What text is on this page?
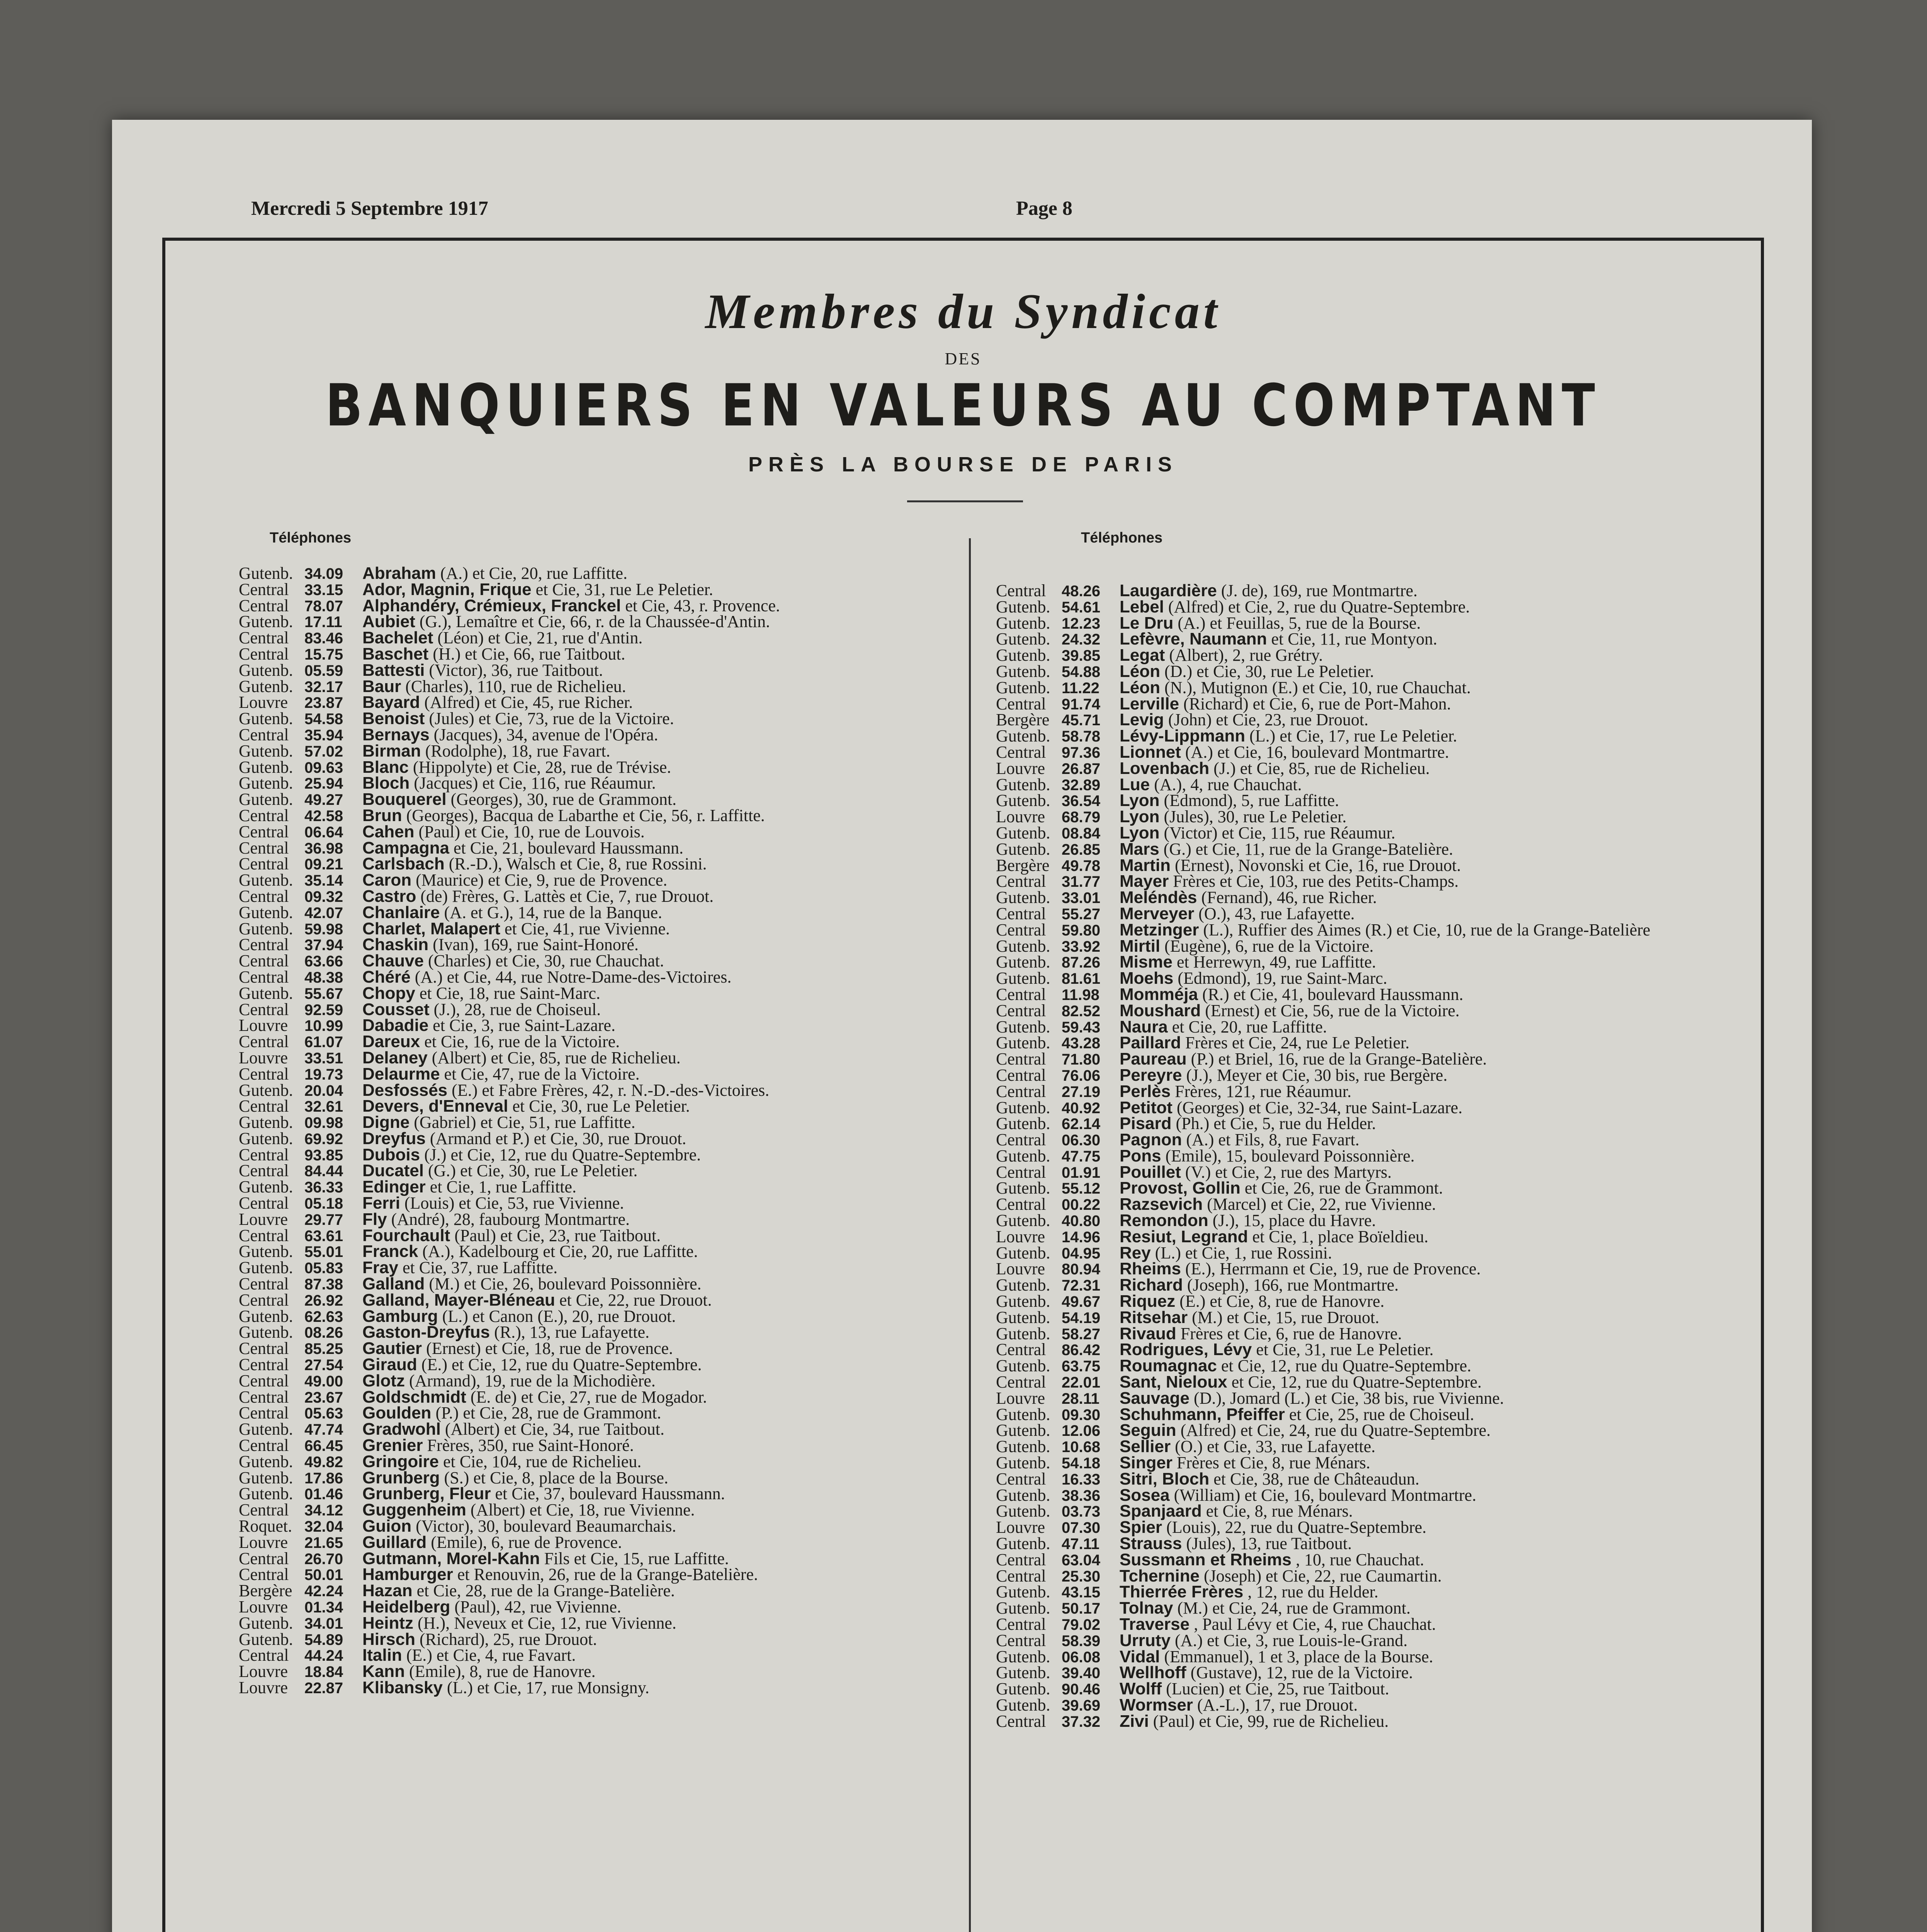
Mercredi 5 Septembre 1917	Page 8
Membres du Syndicat
DES
BANQUIERS EN VALEURS AU COMPTANT
PRÈS LA BOURSE DE PARIS
Téléphones	Téléphones
Gutenb. 34.09 Abraham (A.) et Cie, 20, rue Laffitte.
Central 33.15 Ador, Magnin, Frique et Cie, 31, rue Le Peletier.
Central 78.07 Alphandéry, Crémieux, Franckel et Cie, 43, r. Provence.
Gutenb. 17.11 Aubiet (G.), Lemaître et Cie, 66, r. de la Chaussée-d'Antin.
Central 83.46 Bachelet (Léon) et Cie, 21, rue d'Antin.
Central 15.75 Baschet (H.) et Cie, 66, rue Taitbout.
Gutenb. 05.59 Battesti (Victor), 36, rue Taitbout.
Gutenb. 32.17 Baur (Charles), 110, rue de Richelieu.
Louvre 23.87 Bayard (Alfred) et Cie, 45, rue Richer.
Gutenb. 54.58 Benoist (Jules) et Cie, 73, rue de la Victoire.
Central 35.94 Bernays (Jacques), 34, avenue de l'Opéra.
Gutenb. 57.02 Birman (Rodolphe), 18, rue Favart.
Gutenb. 09.63 Blanc (Hippolyte) et Cie, 28, rue de Trévise.
Gutenb. 25.94 Bloch (Jacques) et Cie, 116, rue Réaumur.
Gutenb. 49.27 Bouquerel (Georges), 30, rue de Grammont.
Central 42.58 Brun (Georges), Bacqua de Labarthe et Cie, 56, r. Laffitte.
Central 06.64 Cahen (Paul) et Cie, 10, rue de Louvois.
Central 36.98 Campagna et Cie, 21, boulevard Haussmann.
Central 09.21 Carlsbach (R.-D.), Walsch et Cie, 8, rue Rossini.
Gutenb. 35.14 Caron (Maurice) et Cie, 9, rue de Provence.
Central 09.32 Castro (de) Frères, G. Lattès et Cie, 7, rue Drouot.
Gutenb. 42.07 Chanlaire (A. et G.), 14, rue de la Banque.
Gutenb. 59.98 Charlet, Malapert et Cie, 41, rue Vivienne.
Central 37.94 Chaskin (Ivan), 169, rue Saint-Honoré.
Central 63.66 Chauve (Charles) et Cie, 30, rue Chauchat.
Central 48.38 Chéré (A.) et Cie, 44, rue Notre-Dame-des-Victoires.
Gutenb. 55.67 Chopy et Cie, 18, rue Saint-Marc.
Central 92.59 Cousset (J.), 28, rue de Choiseul.
Louvre 10.99 Dabadie et Cie, 3, rue Saint-Lazare.
Central 61.07 Dareux et Cie, 16, rue de la Victoire.
Louvre 33.51 Delaney (Albert) et Cie, 85, rue de Richelieu.
Central 19.73 Delaurme et Cie, 47, rue de la Victoire.
Gutenb. 20.04 Desfossés (E.) et Fabre Frères, 42, r. N.-D.-des-Victoires.
Central 32.61 Devers, d'Enneval et Cie, 30, rue Le Peletier.
Gutenb. 09.98 Digne (Gabriel) et Cie, 51, rue Laffitte.
Gutenb. 69.92 Dreyfus (Armand et P.) et Cie, 30, rue Drouot.
Central 93.85 Dubois (J.) et Cie, 12, rue du Quatre-Septembre.
Central 84.44 Ducatel (G.) et Cie, 30, rue Le Peletier.
Gutenb. 36.33 Edinger et Cie, 1, rue Laffitte.
Central 05.18 Ferri (Louis) et Cie, 53, rue Vivienne.
Louvre 29.77 Fly (André), 28, faubourg Montmartre.
Central 63.61 Fourchault (Paul) et Cie, 23, rue Taitbout.
Gutenb. 55.01 Franck (A.), Kadelbourg et Cie, 20, rue Laffitte.
Gutenb. 05.83 Fray et Cie, 37, rue Laffitte.
Central 87.38 Galland (M.) et Cie, 26, boulevard Poissonnière.
Central 26.92 Galland, Mayer-Bléneau et Cie, 22, rue Drouot.
Gutenb. 62.63 Gamburg (L.) et Canon (E.), 20, rue Drouot.
Gutenb. 08.26 Gaston-Dreyfus (R.), 13, rue Lafayette.
Central 85.25 Gautier (Ernest) et Cie, 18, rue de Provence.
Central 27.54 Giraud (E.) et Cie, 12, rue du Quatre-Septembre.
Central 49.00 Glotz (Armand), 19, rue de la Michodière.
Central 23.67 Goldschmidt (E. de) et Cie, 27, rue de Mogador.
Central 05.63 Goulden (P.) et Cie, 28, rue de Grammont.
Gutenb. 47.74 Gradwohl (Albert) et Cie, 34, rue Taitbout.
Central 66.45 Grenier Frères, 350, rue Saint-Honoré.
Gutenb. 49.82 Gringoire et Cie, 104, rue de Richelieu.
Gutenb. 17.86 Grunberg (S.) et Cie, 8, place de la Bourse.
Gutenb. 01.46 Grunberg, Fleur et Cie, 37, boulevard Haussmann.
Central 34.12 Guggenheim (Albert) et Cie, 18, rue Vivienne.
Roquet. 32.04 Guion (Victor), 30, boulevard Beaumarchais.
Louvre 21.65 Guillard (Emile), 6, rue de Provence.
Central 26.70 Gutmann, Morel-Kahn Fils et Cie, 15, rue Laffitte.
Central 50.01 Hamburger et Renouvin, 26, rue de la Grange-Batelière.
Bergère 42.24 Hazan et Cie, 28, rue de la Grange-Batelière.
Louvre 01.34 Heidelberg (Paul), 42, rue Vivienne.
Gutenb. 34.01 Heintz (H.), Neveux et Cie, 12, rue Vivienne.
Gutenb. 54.89 Hirsch (Richard), 25, rue Drouot.
Central 44.24 Italin (E.) et Cie, 4, rue Favart.
Louvre 18.84 Kann (Emile), 8, rue de Hanovre.
Louvre 22.87 Klibansky (L.) et Cie, 17, rue Monsigny.
Central 48.26 Laugardière (J. de), 169, rue Montmartre.
Gutenb. 54.61 Lebel (Alfred) et Cie, 2, rue du Quatre-Septembre.
Gutenb. 12.23 Le Dru (A.) et Feuillas, 5, rue de la Bourse.
Gutenb. 24.32 Lefèvre, Naumann et Cie, 11, rue Montyon.
Gutenb. 39.85 Legat (Albert), 2, rue Grétry.
Gutenb. 54.88 Léon (D.) et Cie, 30, rue Le Peletier.
Gutenb. 11.22 Léon (N.), Mutignon (E.) et Cie, 10, rue Chauchat.
Central 91.74 Lerville (Richard) et Cie, 6, rue de Port-Mahon.
Bergère 45.71 Levig (John) et Cie, 23, rue Drouot.
Gutenb. 58.78 Lévy-Lippmann (L.) et Cie, 17, rue Le Peletier.
Central 97.36 Lionnet (A.) et Cie, 16, boulevard Montmartre.
Louvre 26.87 Lovenbach (J.) et Cie, 85, rue de Richelieu.
Gutenb. 32.89 Lue (A.), 4, rue Chauchat.
Gutenb. 36.54 Lyon (Edmond), 5, rue Laffitte.
Louvre 68.79 Lyon (Jules), 30, rue Le Peletier.
Gutenb. 08.84 Lyon (Victor) et Cie, 115, rue Réaumur.
Gutenb. 26.85 Mars (G.) et Cie, 11, rue de la Grange-Batelière.
Bergère 49.78 Martin (Ernest), Novonski et Cie, 16, rue Drouot.
Central 31.77 Mayer Frères et Cie, 103, rue des Petits-Champs.
Gutenb. 33.01 Meléndès (Fernand), 46, rue Richer.
Central 55.27 Merveyer (O.), 43, rue Lafayette.
Central 59.80 Metzinger (L.), Ruffier des Aimes (R.) et Cie, 10, rue de la Grange-Batelière
Gutenb. 33.92 Mirtil (Eugène), 6, rue de la Victoire.
Gutenb. 87.26 Misme et Herrewyn, 49, rue Laffitte.
Gutenb. 81.61 Moehs (Edmond), 19, rue Saint-Marc.
Central 11.98 Momméja (R.) et Cie, 41, boulevard Haussmann.
Central 82.52 Moushard (Ernest) et Cie, 56, rue de la Victoire.
Gutenb. 59.43 Naura et Cie, 20, rue Laffitte.
Gutenb. 43.28 Paillard Frères et Cie, 24, rue Le Peletier.
Central 71.80 Paureau (P.) et Briel, 16, rue de la Grange-Batelière.
Central 76.06 Pereyre (J.), Meyer et Cie, 30 bis, rue Bergère.
Central 27.19 Perlès Frères, 121, rue Réaumur.
Gutenb. 40.92 Petitot (Georges) et Cie, 32-34, rue Saint-Lazare.
Gutenb. 62.14 Pisard (Ph.) et Cie, 5, rue du Helder.
Central 06.30 Pagnon (A.) et Fils, 8, rue Favart.
Gutenb. 47.75 Pons (Emile), 15, boulevard Poissonnière.
Central 01.91 Pouillet (V.) et Cie, 2, rue des Martyrs.
Gutenb. 55.12 Provost, Gollin et Cie, 26, rue de Grammont.
Central 00.22 Razsevich (Marcel) et Cie, 22, rue Vivienne.
Gutenb. 40.80 Remondon (J.), 15, place du Havre.
Louvre 14.96 Resiut, Legrand et Cie, 1, place Boïeldieu.
Gutenb. 04.95 Rey (L.) et Cie, 1, rue Rossini.
Louvre 80.94 Rheims (E.), Herrmann et Cie, 19, rue de Provence.
Gutenb. 72.31 Richard (Joseph), 166, rue Montmartre.
Gutenb. 49.67 Riquez (E.) et Cie, 8, rue de Hanovre.
Gutenb. 54.19 Ritsehar (M.) et Cie, 15, rue Drouot.
Gutenb. 58.27 Rivaud Frères et Cie, 6, rue de Hanovre.
Central 86.42 Rodrigues, Lévy et Cie, 31, rue Le Peletier.
Gutenb. 63.75 Roumagnac et Cie, 12, rue du Quatre-Septembre.
Central 22.01 Sant, Nieloux et Cie, 12, rue du Quatre-Septembre.
Louvre 28.11 Sauvage (D.), Jomard (L.) et Cie, 38 bis, rue Vivienne.
Gutenb. 09.30 Schuhmann, Pfeiffer et Cie, 25, rue de Choiseul.
Gutenb. 12.06 Seguin (Alfred) et Cie, 24, rue du Quatre-Septembre.
Gutenb. 10.68 Sellier (O.) et Cie, 33, rue Lafayette.
Gutenb. 54.18 Singer Frères et Cie, 8, rue Ménars.
Central 16.33 Sitri, Bloch et Cie, 38, rue de Châteaudun.
Gutenb. 38.36 Sosea (William) et Cie, 16, boulevard Montmartre.
Gutenb. 03.73 Spanjaard et Cie, 8, rue Ménars.
Louvre 07.30 Spier (Louis), 22, rue du Quatre-Septembre.
Gutenb. 47.11 Strauss (Jules), 13, rue Taitbout.
Central 63.04 Sussmann et Rheims , 10, rue Chauchat.
Central 25.30 Tchernine (Joseph) et Cie, 22, rue Caumartin.
Gutenb. 43.15 Thierrée Frères , 12, rue du Helder.
Gutenb. 50.17 Tolnay (M.) et Cie, 24, rue de Grammont.
Central 79.02 Traverse , Paul Lévy et Cie, 4, rue Chauchat.
Central 58.39 Urruty (A.) et Cie, 3, rue Louis-le-Grand.
Gutenb. 06.08 Vidal (Emmanuel), 1 et 3, place de la Bourse.
Gutenb. 39.40 Wellhoff (Gustave), 12, rue de la Victoire.
Gutenb. 90.46 Wolff (Lucien) et Cie, 25, rue Taitbout.
Gutenb. 39.69 Wormser (A.-L.), 17, rue Drouot.
Central 37.32 Zivi (Paul) et Cie, 99, rue de Richelieu.
